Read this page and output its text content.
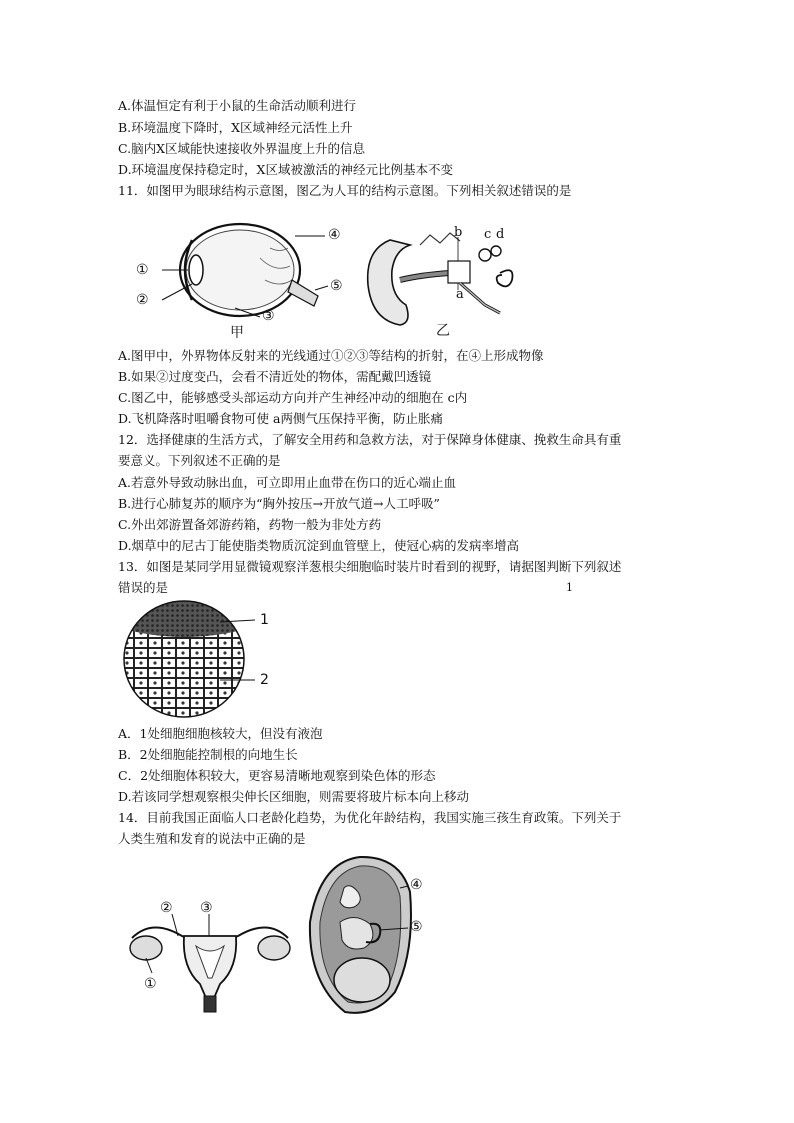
A.体温恒定有利于小鼠的生命活动顺利进行
B.环境温度下降时，X区域神经元活性上升
C.脑内X区域能快速接收外界温度上升的信息
D.环境温度保持稳定时，X区域被激活的神经元比例基本不变
11．如图甲为眼球结构示意图，图乙为人耳的结构示意图。下列相关叙述错误的是
①
②
③
④
⑤
甲
b c d
a
乙
A.图甲中，外界物体反射来的光线通过①②③等结构的折射，在④上形成物像
B.如果②过度变凸，会看不清近处的物体，需配戴凹透镜
C.图乙中，能够感受头部运动方向并产生神经冲动的细胞在 c内
D.飞机降落时咀嚼食物可使 a两侧气压保持平衡，防止胀痛
12．选择健康的生活方式，了解安全用药和急救方法，对于保障身体健康、挽救生命具有重
要意义。下列叙述不正确的是
A.若意外导致动脉出血，可立即用止血带在伤口的近心端止血
B.进行心肺复苏的顺序为“胸外按压→开放气道→人工呼吸”
C.外出郊游置备郊游药箱，药物一般为非处方药
D.烟草中的尼古丁能使脂类物质沉淀到血管壁上，使冠心病的发病率增高
13．如图是某同学用显微镜观察洋葱根尖细胞临时装片时看到的视野，请据图判断下列叙述
错误的是	1
1
2
A．1处细胞细胞核较大，但没有液泡
B．2处细胞能控制根的向地生长
C．2处细胞体积较大，更容易清晰地观察到染色体的形态
D.若该同学想观察根尖伸长区细胞，则需要将玻片标本向上移动
14．目前我国正面临人口老龄化趋势，为优化年龄结构，我国实施三孩生育政策。下列关于
人类生殖和发育的说法中正确的是
② ③
①
④
⑤
